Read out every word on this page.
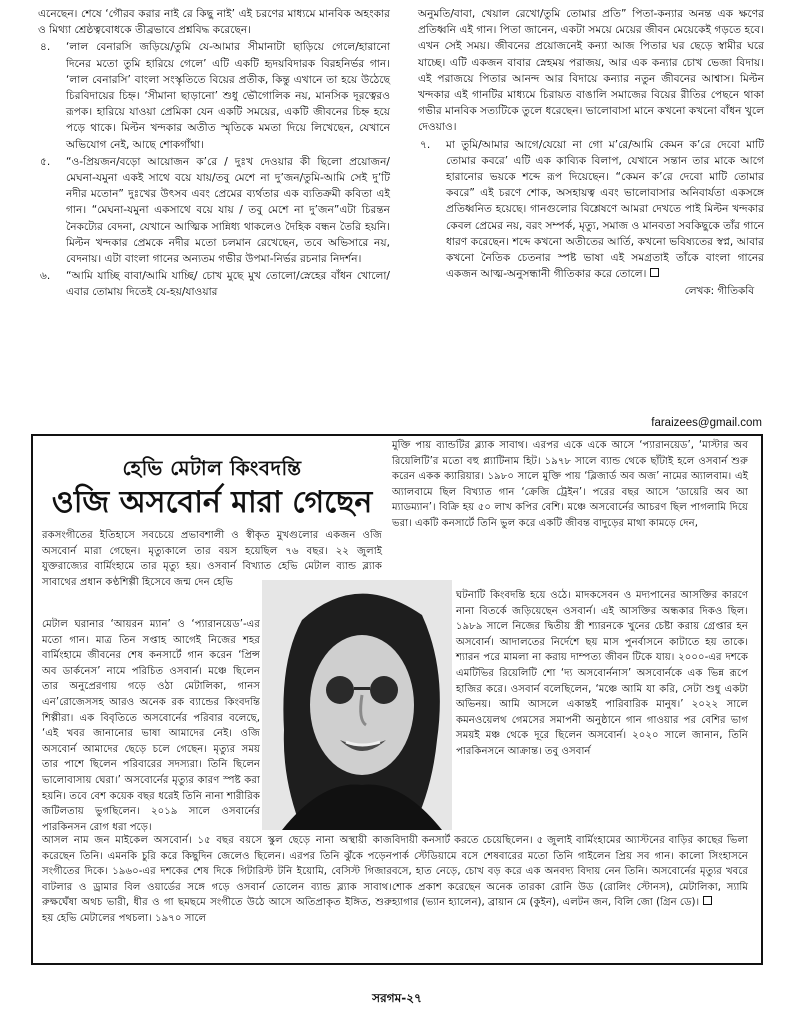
এনেছেন। শেষে ‘গৌরব করার নাই রে কিছু নাই’ এই চরণের মাধ্যমে মানবিক অহংকার ও মিথ্যা শ্রেষ্ঠত্ববোধকে তীব্রভাবে প্রশ্নবিদ্ধ করেছেন।

৪. ‘লাল বেনারসি জড়িয়ে/তুমি যে-আমার সীমানাটা ছাড়িয়ে গেলে/হারানো দিনের মতো তুমি হারিয়ে গেলে’ এটি একটি হৃদয়বিদারক বিরহনির্ভর গান। ‘লাল বেনারসি’ বাংলা সংস্কৃতিতে বিয়ের প্রতীক, কিন্তু এখানে তা হয়ে উঠেছে চিরবিদায়ের চিহ্ন। ‘সীমানা ছাড়ানো’ শুধু ভৌগোলিক নয়, মানসিক দূরত্বেরও রূপক। হারিয়ে যাওয়া প্রেমিকা যেন একটি সময়ের, একটি জীবনের চিহ্ন হয়ে পড়ে থাকে। মিল্টন খন্দকার অতীত স্মৃতিকে মমতা দিয়ে লিখেছেন, যেখানে অভিযোগ নেই, আছে শোকগাঁথা।
৫. “ও-প্রিয়জন/বড়ো আয়োজন ক’রে / দুঃখ দেওয়ার কী ছিলো প্রয়োজন/ মেঘনা-যমুনা একই সাথে বয়ে যায়/তবু মেশে না দু’জন/তুমি-আমি সেই দু’টি নদীর মতোন” দুঃখের উৎসব এবং প্রেমের ব্যর্থতার এক ব্যতিক্রমী কবিতা এই গান। “মেঘনা-যমুনা একসাথে বয়ে যায় / তবু মেশে না দু’জন”এটা চিরন্তন নৈকট্যের বেদনা, যেখানে আত্মিক সান্নিধ্য থাকলেও দৈহিক বন্ধন তৈরি হয়নি। মিল্টন খন্দকার প্রেমকে নদীর মতো চলমান রেখেছেন, তবে অভিসারে নয়, বেদনায়। এটা বাংলা গানের অন্যতম গভীর উপমা-নির্ভর রচনার নিদর্শন।
৬. “আমি যাচ্ছি বাবা/আমি যাচ্ছি/ চোখ মুছে মুখ তোলো/স্নেহের বাঁধন খোলো/ এবার তোমায় দিতেই যে-হয়/যাওয়ার

অনুমতি/বাবা, খেয়াল রেখো/তুমি তোমার প্রতি” পিতা-কন্যার অনন্ত এক ক্ষণের প্রতিধ্বনি এই গান। পিতা জানেন, একটা সময়ে মেয়ের জীবন মেয়েকেই গড়তে হবে। এখন সেই সময়। জীবনের প্রয়োজনেই কন্যা আজ পিতার ঘর ছেড়ে স্বামীর ঘরে যাচ্ছে। এটি একজন বাবার স্নেহময় পরাজয়, আর এক কন্যার চোখ ভেজা বিদায়। এই পরাজয়ে পিতার আনন্দ আর বিদায়ে কন্যার নতুন জীবনের আশ্বাস। মিল্টন খন্দকার এই গানটির মাধ্যমে চিরায়ত বাঙালি সমাজের বিয়ের রীতির পেছনে থাকা গভীর মানবিক সত্যটিকে তুলে ধরেছেন। ভালোবাসা মানে কখনো কখনো বাঁধন খুলে দেওয়াও।

৭. মা তুমি/আমার আগে/যেয়ো না গো ম’রে/আমি কেমন ক’রে দেবো মাটি তোমার কবরে’ এটি এক কাব্যিক বিলাপ, যেখানে সন্তান তার মাকে আগে হারানোর ভয়কে শব্দে রূপ দিয়েছেন। “কেমন ক’রে দেবো মাটি তোমার কবরে” এই চরণে শোক, অসহায়ত্ব এবং ভালোবাসার অনিবার্যতা একসঙ্গে প্রতিধ্বনিত হয়েছে। গানগুলোর বিশ্লেষণে আমরা দেখতে পাই মিল্টন খন্দকার কেবল প্রেমের নয়, বরং সম্পর্ক, মৃত্যু, সমাজ ও মানবতা সবকিছুকে তাঁর গানে ধারণ করেছেন। শব্দে কখনো অতীতের আর্তি, কখনো ভবিষ্যতের স্বপ্ন, আবার কখনো নৈতিক চেতনার স্পষ্ট ভাষা এই সমগ্রতাই তাঁকে বাংলা গানের একজন আত্ম-অনুসন্ধানী গীতিকার করে তোলে।
লেখক: গীতিকবি
faraizees@gmail.com
হেভি মেটাল কিংবদন্তি
ওজি অসবোর্ন মারা গেছেন
রকসংগীতের ইতিহাসে সবচেয়ে প্রভাবশালী ও স্বীকৃত মুখগুলোর একজন ওজি অসবোর্ন মারা গেছেন। মৃত্যুকালে তার বয়স হয়েছিল ৭৬ বছর। ২২ জুলাই যুক্তরাজ্যের বার্মিংহামে তার মৃত্যু হয়। ওসবার্ন বিখ্যাত হেভি মেটাল ব্যান্ড ব্ল্যাক সাবাথের প্রধান কণ্ঠশিল্পী হিসেবে জন্ম দেন হেভি
মেটাল ঘরানার ‘আয়রন ম্যান’ ও ‘প্যারানয়েড’-এর মতো গান। মাত্র তিন সপ্তাহ আগেই নিজের শহর বার্মিংহামে জীবনের শেষ কনসার্টে গান করেন ‘প্রিন্স অব ডার্কনেস’ নামে পরিচিত ওসবার্ন। মঞ্চে ছিলেন তার অনুপ্রেরণায় গড়ে ওঠা মেটালিকা, গানস এন’রোজেসসহ আরও অনেক রক ব্যান্ডের কিংবদন্তি শিল্পীরা। এক বিবৃতিতে অসবোর্নের পরিবার বলেছে, ‘এই খবর জানানোর ভাষা আমাদের নেই। ওজি অসবোর্ন আমাদের ছেড়ে চলে গেছেন। মৃত্যুর সময় তার পাশে ছিলেন পরিবারের সদস্যরা। তিনি ছিলেন ভালোবাসায় ঘেরা।’ অসবোর্নের মৃত্যুর কারণ স্পষ্ট করা হয়নি। তবে বেশ কয়েক বছর ধরেই তিনি নানা শারীরিক জটিলতায় ভুগছিলেন। ২০১৯ সালে ওসবার্নের পারকিনসন রোগ ধরা পড়ে।
আসল নাম জন মাইকেল অসবোর্ন। ১৫ বছর বয়সে স্কুল ছেড়ে নানা অস্থায়ী কাজ করেছেন তিনি। এমনকি চুরি করে কিছুদিন জেলেও ছিলেন। এরপর তিনি ঝুঁকে পড়েন সংগীতের দিকে। ১৯৬০-এর দশকের শেষ দিকে গিটারিস্ট টনি ইয়োমি, বেসিস্ট গিজার বাটলার ও ড্রামার বিল ওয়ার্ডের সঙ্গে গড়ে ওসবার্ন তোলেন ব্যান্ড ব্ল্যাক সাবাথ। রুক্ষঘেঁষা অথচ ভারী, ধীর ও গা ছমছমে সংগীতে উঠে আসে অতিপ্রাকৃত ইঙ্গিত, শুরু হয় হেভি মেটালের পথচলা। ১৯৭০ সালে
মুক্তি পায় ব্যান্ডটির ব্ল্যাক সাবাথ। এরপর একে একে আসে ‘প্যারানয়েড’, ‘মাস্টার অব রিয়েলিটি’র মতো বহু প্ল্যাটিনাম হিট। ১৯৭৮ সালে ব্যান্ড থেকে ছাঁটাই হলে ওসবার্ন শুরু করেন একক ক্যারিয়ার। ১৯৮০ সালে মুক্তি পায় ‘ব্লিজার্ড অব অজ’ নামের অ্যালবাম। এই অ্যালবামে ছিল বিখ্যাত গান ‘ক্রেজি ট্রেইন’। পরের বছর আসে ‘ডায়েরি অব আ ম্যাডম্যান’। বিক্রি হয় ৫০ লাখ কপির বেশি। মঞ্চে অসবোর্নের আচরণ ছিল পাগলামি দিয়ে ভরা। একটি কনসার্টে তিনি ভুল করে একটি জীবন্ত বাদুড়ের মাথা কামড়ে দেন,
ঘটনাটি কিংবদন্তি হয়ে ওঠে। মাদকসেবন ও মদ্যপানের আসক্তির কারণে নানা বিতর্কে জড়িয়েছেন ওসবার্ন। এই আসক্তির অন্ধকার দিকও ছিল। ১৯৮৯ সালে নিজের দ্বিতীয় স্ত্রী শ্যারনকে খুনের চেষ্টা করায় গ্রেপ্তার হন অসবোর্ন। আদালতের নির্দেশে ছয় মাস পুনর্বাসনে কাটাতে হয় তাকে। শ্যারন পরে মামলা না করায় দাম্পত্য জীবন টিকে যায়। ২০০০-এর দশকে এমটিভির রিয়েলিটি শো ‘দ্য অসবোর্ননাস’ অসবোর্নকে এক ভিন্ন রূপে হাজির করে। ওসবার্ন বলেছিলেন, ‘মঞ্চে আমি যা করি, সেটা শুধু একটা অভিনয়। আমি আসলে একান্তই পারিবারিক মানুষ।’ ২০২২ সালে কমনওয়েলথ গেমসের সমাপনী অনুষ্ঠানে গান গাওয়ার পর বেশির ভাগ সময়ই মঞ্চ থেকে দূরে ছিলেন অসবোর্ন। ২০২০ সালে জানান, তিনি পারকিনসনে আক্রান্ত। তবু ওসবার্ন
বিদায়ী কনসার্ট করতে চেয়েছিলেন। ৫ জুলাই বার্মিংহামের অ্যাস্টনের বাড়ির কাছের ভিলা পার্ক স্টেডিয়ামে বসে শেষবারের মতো তিনি গাইলেন প্রিয় সব গান। কালো সিংহাসনে বসে, হাত নেড়ে, চোখ বড় করে এক অনবদ্য বিদায় নেন তিনি। অসবোর্নের মৃত্যুর খবরে শোক প্রকাশ করেছেন অনেক তারকা রোনি উড (রোলিং স্টোনস), মেটালিকা, স্যামি হ্যাগার (ভ্যান হ্যালেন), ব্রায়ান মে (কুইন), এলটন জন, বিলি জো (গ্রিন ডে)।
সরগম-২৭
